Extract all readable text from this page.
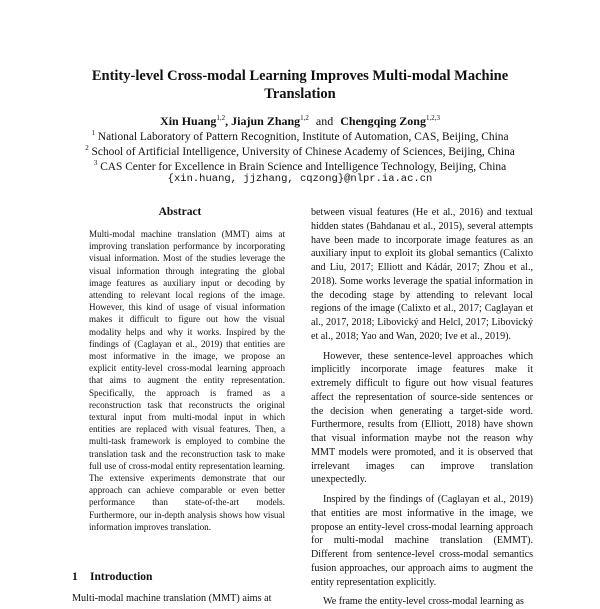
Entity-level Cross-modal Learning Improves Multi-modal Machine
Translation
Xin Huang$^{1,2}$, Jiajun Zhang$^{1,2}$ and Chengqing Zong$^{1,2,3}$
$^1$ National Laboratory of Pattern Recognition, Institute of Automation, CAS, Beijing, China
$^2$ School of Artificial Intelligence, University of Chinese Academy of Sciences, Beijing, China
$^3$ CAS Center for Excellence in Brain Science and Intelligence Technology, Beijing, China
{xin.huang, jjzhang, cqzong}@nlpr.ia.ac.cn
Abstract
Multi-modal machine translation (MMT) aims at improving translation performance by incorporating visual information. Most of the studies leverage the visual information through integrating the global image features as auxiliary input or decoding by attending to relevant local regions of the image. However, this kind of usage of visual information makes it difficult to figure out how the visual modality helps and why it works. Inspired by the findings of (Caglayan et al., 2019) that entities are most informative in the image, we propose an explicit entity-level cross-modal learning approach that aims to augment the entity representation. Specifically, the approach is framed as a reconstruction task that reconstructs the original textural input from multi-modal input in which entities are replaced with visual features. Then, a multi-task framework is employed to combine the translation task and the reconstruction task to make full use of cross-modal entity representation learning. The extensive experiments demonstrate that our approach can achieve comparable or even better performance than state-of-the-art models. Furthermore, our in-depth analysis shows how visual information improves translation.
1 Introduction
Multi-modal machine translation (MMT) aims at

between visual features (He et al., 2016) and textual hidden states (Bahdanau et al., 2015), several attempts have been made to incorporate image features as an auxiliary input to exploit its global semantics (Calixto and Liu, 2017; Elliott and Kádár, 2017; Zhou et al., 2018). Some works leverage the spatial information in the decoding stage by attending to relevant local regions of the image (Calixto et al., 2017; Caglayan et al., 2017, 2018; Libovický and Helcl, 2017; Libovický et al., 2018; Yao and Wan, 2020; Ive et al., 2019).

However, these sentence-level approaches which implicitly incorporate image features make it extremely difficult to figure out how visual features affect the representation of source-side sentences or the decision when generating a target-side word. Furthermore, results from (Elliott, 2018) have shown that visual information maybe not the reason why MMT models were promoted, and it is observed that irrelevant images can improve translation unexpectedly.

Inspired by the findings of (Caglayan et al., 2019) that entities are most informative in the image, we propose an entity-level cross-modal learning approach for multi-modal machine translation (EMMT). Different from sentence-level cross-modal semantics fusion approaches, our approach aims to augment the entity representation explicitly.

We frame the entity-level cross-modal learning as
